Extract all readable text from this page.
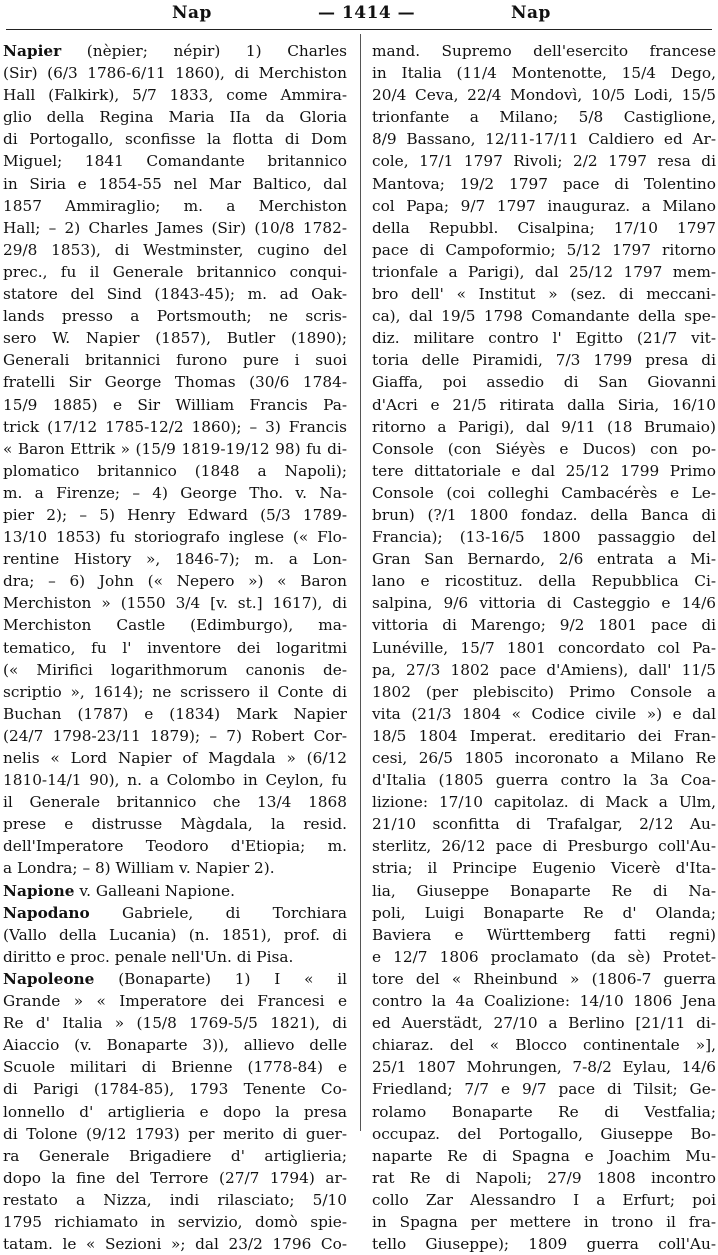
Nap	— 1414 —	Nap
Napier (nèpier; népir) 1) Charles
(Sir) (6/3 1786-6/11 1860), di Merchiston
Hall (Falkirk), 5/7 1833, come Ammira-
glio della Regina Maria IIa da Gloria
di Portogallo, sconfisse la flotta di Dom
Miguel; 1841 Comandante britannico
in Siria e 1854-55 nel Mar Baltico, dal
1857 Ammiraglio; m. a Merchiston
Hall; – 2) Charles James (Sir) (10/8 1782-
29/8 1853), di Westminster, cugino del
prec., fu il Generale britannico conqui-
statore del Sind (1843-45); m. ad Oak-
lands presso a Portsmouth; ne scris-
sero W. Napier (1857), Butler (1890);
Generali britannici furono pure i suoi
fratelli Sir George Thomas (30/6 1784-
15/9 1885) e Sir William Francis Pa-
trick (17/12 1785-12/2 1860); – 3) Francis
« Baron Ettrik » (15/9 1819-19/12 98) fu di-
plomatico britannico (1848 a Napoli);
m. a Firenze; – 4) George Tho. v. Na-
pier 2); – 5) Henry Edward (5/3 1789-
13/10 1853) fu storiografo inglese (« Flo-
rentine History », 1846-7); m. a Lon-
dra; – 6) John (« Nepero ») « Baron
Merchiston » (1550 3/4 [v. st.] 1617), di
Merchiston Castle (Edimburgo), ma-
tematico, fu l' inventore dei logaritmi
(« Mirifici logarithmorum canonis de-
scriptio », 1614); ne scrissero il Conte di
Buchan (1787) e (1834) Mark Napier
(24/7 1798-23/11 1879); – 7) Robert Cor-
nelis « Lord Napier of Magdala » (6/12
1810-14/1 90), n. a Colombo in Ceylon, fu
il Generale britannico che 13/4 1868
prese e distrusse Màgdala, la resid.
dell'Imperatore Teodoro d'Etiopia; m.
a Londra; – 8) William v. Napier 2).
Napione v. Galleani Napione.
Napodano Gabriele, di Torchiara
(Vallo della Lucania) (n. 1851), prof. di
diritto e proc. penale nell'Un. di Pisa.
Napoleone (Bonaparte) 1) I « il
Grande » « Imperatore dei Francesi e
Re d' Italia » (15/8 1769-5/5 1821), di
Aiaccio (v. Bonaparte 3)), allievo delle
Scuole militari di Brienne (1778-84) e
di Parigi (1784-85), 1793 Tenente Co-
lonnello d' artiglieria e dopo la presa
di Tolone (9/12 1793) per merito di guer-
ra Generale Brigadiere d' artiglieria;
dopo la fine del Terrore (27/7 1794) ar-
restato a Nizza, indi rilasciato; 5/10
1795 richiamato in servizio, domò spie-
tatam. le « Sezioni »; dal 23/2 1796 Co-
mand. Supremo dell'esercito francese
in Italia (11/4 Montenotte, 15/4 Dego,
20/4 Ceva, 22/4 Mondovì, 10/5 Lodi, 15/5
trionfante a Milano; 5/8 Castiglione,
8/9 Bassano, 12/11-17/11 Caldiero ed Ar-
cole, 17/1 1797 Rivoli; 2/2 1797 resa di
Mantova; 19/2 1797 pace di Tolentino
col Papa; 9/7 1797 inauguraz. a Milano
della Repubbl. Cisalpina; 17/10 1797
pace di Campoformio; 5/12 1797 ritorno
trionfale a Parigi), dal 25/12 1797 mem-
bro dell' « Institut » (sez. di meccani-
ca), dal 19/5 1798 Comandante della spe-
diz. militare contro l' Egitto (21/7 vit-
toria delle Piramidi, 7/3 1799 presa di
Giaffa, poi assedio di San Giovanni
d'Acri e 21/5 ritirata dalla Siria, 16/10
ritorno a Parigi), dal 9/11 (18 Brumaio)
Console (con Siéyès e Ducos) con po-
tere dittatoriale e dal 25/12 1799 Primo
Console (coi colleghi Cambacérès e Le-
brun) (?/1 1800 fondaz. della Banca di
Francia); (13-16/5 1800 passaggio del
Gran San Bernardo, 2/6 entrata a Mi-
lano e ricostituz. della Repubblica Ci-
salpina, 9/6 vittoria di Casteggio e 14/6
vittoria di Marengo; 9/2 1801 pace di
Lunéville, 15/7 1801 concordato col Pa-
pa, 27/3 1802 pace d'Amiens), dall' 11/5
1802 (per plebiscito) Primo Console a
vita (21/3 1804 « Codice civile ») e dal
18/5 1804 Imperat. ereditario dei Fran-
cesi, 26/5 1805 incoronato a Milano Re
d'Italia (1805 guerra contro la 3a Coa-
lizione: 17/10 capitolaz. di Mack a Ulm,
21/10 sconfitta di Trafalgar, 2/12 Au-
sterlitz, 26/12 pace di Presburgo coll'Au-
stria; il Principe Eugenio Vicerè d'Ita-
lia, Giuseppe Bonaparte Re di Na-
poli, Luigi Bonaparte Re d' Olanda;
Baviera e Württemberg fatti regni)
e 12/7 1806 proclamato (da sè) Protet-
tore del « Rheinbund » (1806-7 guerra
contro la 4a Coalizione: 14/10 1806 Jena
ed Auerstädt, 27/10 a Berlino [21/11 di-
chiaraz. del « Blocco continentale »],
25/1 1807 Mohrungen, 7-8/2 Eylau, 14/6
Friedland; 7/7 e 9/7 pace di Tilsit; Ge-
rolamo Bonaparte Re di Vestfalia;
occupaz. del Portogallo, Giuseppe Bo-
naparte Re di Spagna e Joachim Mu-
rat Re di Napoli; 27/9 1808 incontro
collo Zar Alessandro I a Erfurt; poi
in Spagna per mettere in trono il fra-
tello Giuseppe); 1809 guerra coll'Au-
